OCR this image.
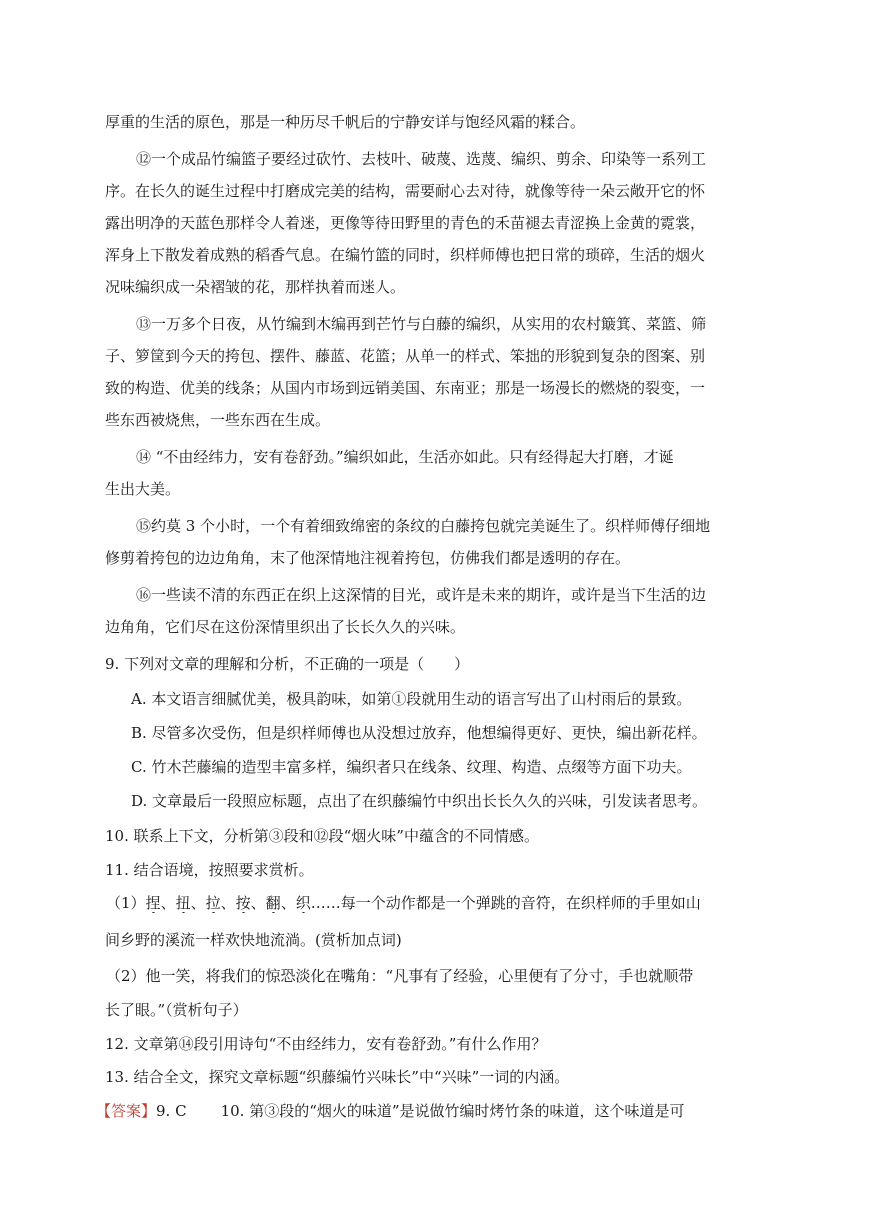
厚重的生活的原色，那是一种历尽千帆后的宁静安详与饱经风霜的糅合。
⑫一个成品竹编篮子要经过砍竹、去枝叶、破蔑、选蔑、编织、剪余、印染等一系列工
序。在长久的诞生过程中打磨成完美的结构，需要耐心去对待，就像等待一朵云敞开它的怀
露出明净的天蓝色那样令人着迷，更像等待田野里的青色的禾苗褪去青涩换上金黄的霓裳，
浑身上下散发着成熟的稻香气息。在编竹篮的同时，织样师傅也把日常的琐碎，生活的烟火
况味编织成一朵褶皱的花，那样执着而迷人。
⑬一万多个日夜，从竹编到木编再到芒竹与白藤的编织，从实用的农村簸箕、菜篮、筛
子、箩筐到今天的挎包、摆件、藤蓝、花篮；从单一的样式、笨拙的形貌到复杂的图案、别
致的构造、优美的线条；从国内市场到远销美国、东南亚；那是一场漫长的燃烧的裂变，一
些东西被烧焦，一些东西在生成。
⑭ “不由经纬力，安有卷舒劲。”编织如此，生活亦如此。只有经得起大打磨，才诞
生出大美。
⑮约莫 3 个小时，一个有着细致绵密的条纹的白藤挎包就完美诞生了。织样师傅仔细地
修剪着挎包的边边角角，末了他深情地注视着挎包，仿佛我们都是透明的存在。
⑯一些读不清的东西正在织上这深情的目光，或许是未来的期许，或许是当下生活的边
边角角，它们尽在这份深情里织出了长长久久的兴味。
9. 下列对文章的理解和分析，不正确的一项是（　　）
A. 本文语言细腻优美，极具韵味，如第①段就用生动的语言写出了山村雨后的景致。
B. 尽管多次受伤，但是织样师傅也从没想过放弃，他想编得更好、更快，编出新花样。
C. 竹木芒藤编的造型丰富多样，编织者只在线条、纹理、构造、点缀等方面下功夫。
D. 文章最后一段照应标题，点出了在织藤编竹中织出长长久久的兴味，引发读者思考。
10. 联系上下文，分析第③段和⑫段“烟火味”中蕴含的不同情感。
11. 结合语境，按照要求赏析。
（1）捏、扭、拉、按、翻、织……每一个动作都是一个弹跳的音符，在织样师的手里如山
间乡野的溪流一样欢快地流淌。(赏析加点词)
（2）他一笑，将我们的惊恐淡化在嘴角：“凡事有了经验，心里便有了分寸，手也就顺带
长了眼。”（赏析句子）
12. 文章第⑭段引用诗句“不由经纬力，安有卷舒劲。”有什么作用？
13. 结合全文，探究文章标题“织藤编竹兴味长”中“兴味”一词的内涵。
【答案】9. C 10. 第③段的“烟火的味道”是说做竹编时烤竹条的味道，这个味道是可
